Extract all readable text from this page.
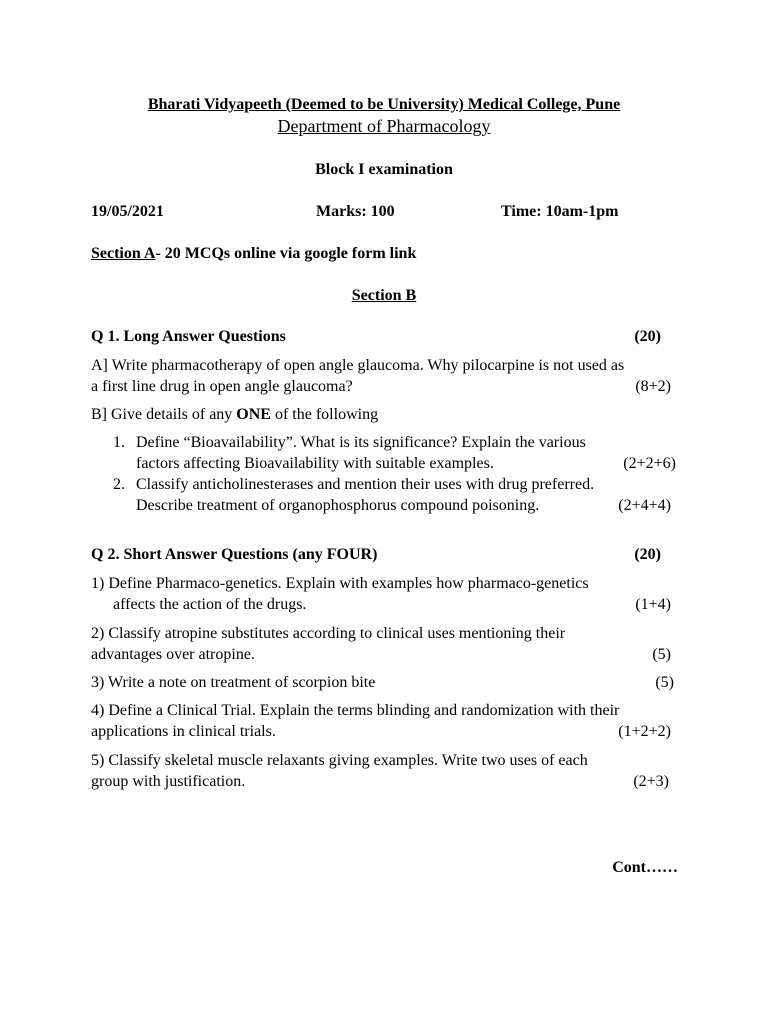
Bharati Vidyapeeth (Deemed to be University) Medical College, Pune
Department of Pharmacology
Block I examination
19/05/2021	Marks: 100	Time: 10am-1pm
Section A- 20 MCQs online via google form link
Section B
Q 1. Long Answer Questions	(20)
A] Write pharmacotherapy of open angle glaucoma. Why pilocarpine is not used as
a first line drug in open angle glaucoma?	(8+2)
B] Give details of any ONE of the following
1. Define “Bioavailability”. What is its significance? Explain the various
factors affecting Bioavailability with suitable examples.	(2+2+6)
2. Classify anticholinesterases and mention their uses with drug preferred.
Describe treatment of organophosphorus compound poisoning.	(2+4+4)
Q 2. Short Answer Questions (any FOUR)	(20)
1) Define Pharmaco-genetics. Explain with examples how pharmaco-genetics
affects the action of the drugs.	(1+4)
2) Classify atropine substitutes according to clinical uses mentioning their
advantages over atropine.	(5)
3) Write a note on treatment of scorpion bite	(5)
4) Define a Clinical Trial. Explain the terms blinding and randomization with their
applications in clinical trials.	(1+2+2)
5) Classify skeletal muscle relaxants giving examples. Write two uses of each
group with justification.	(2+3)
Cont……
